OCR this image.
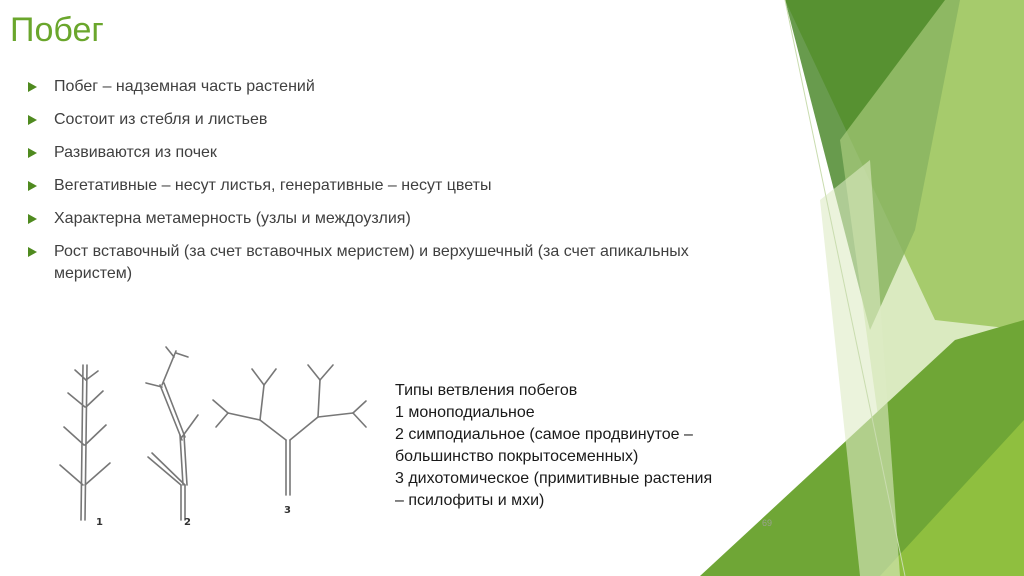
Побег
Побег – надземная часть растений
Состоит из стебля и листьев
Развиваются из почек
Вегетативные – несут листья, генеративные – несут цветы
Характерна метамерность (узлы и междоузлия)
Рост вставочный (за счет вставочных меристем) и верхушечный (за счет апикальных меристем)
1	2
3
Типы ветвления побегов
1 моноподиальное
2 симподиальное (самое продвинутое –
большинство покрытосеменных)
3 дихотомическое (примитивные растения
– псилофиты и мхи)
69
